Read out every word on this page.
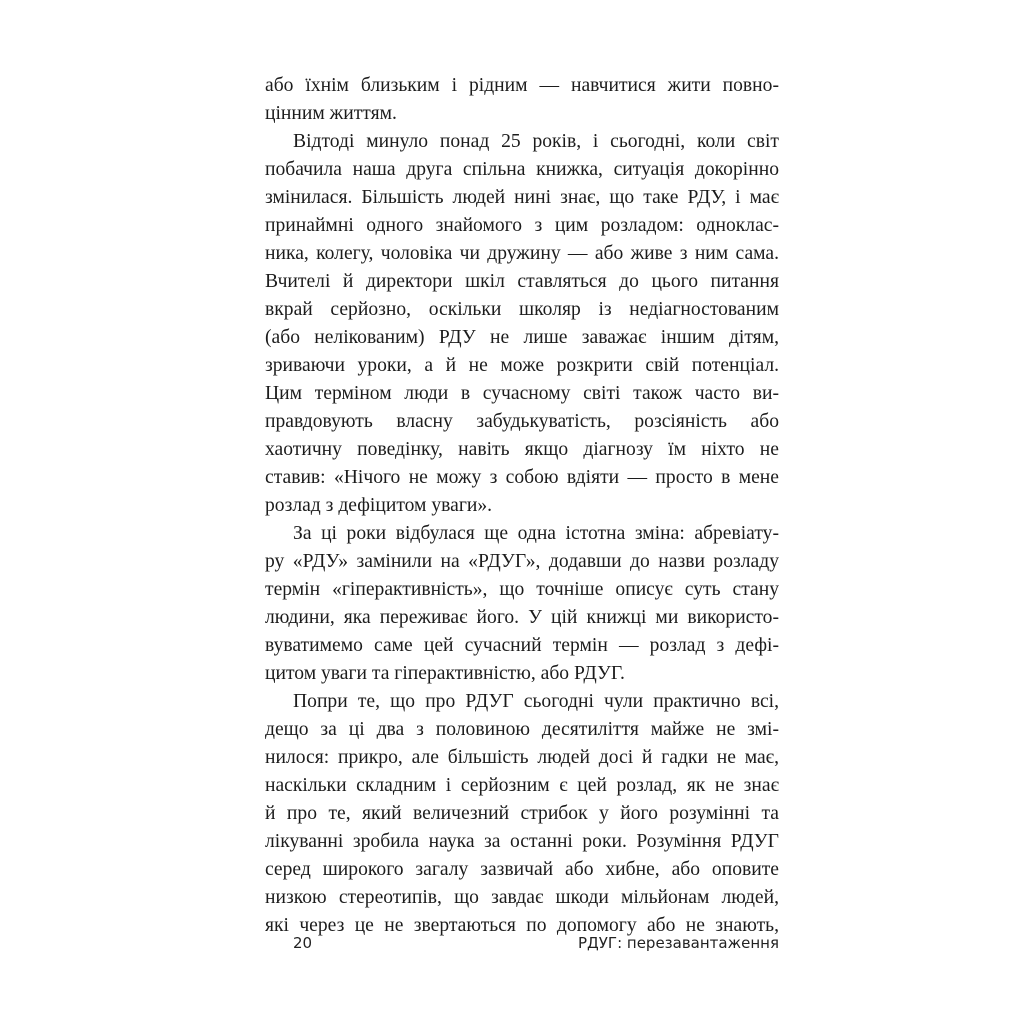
або їхнім близьким і рідним — навчитися жити повно-
цінним життям.
Відтоді минуло понад 25 років, і сьогодні, коли світ
побачила наша друга спільна книжка, ситуація докорінно
змінилася. Більшість людей нині знає, що таке РДУ, і має
принаймні одного знайомого з цим розладом: однoклас-
ника, колегу, чоловіка чи дружину — або живе з ним сама.
Вчителі й директори шкіл ставляться до цього питання
вкрай серйозно, оскільки школяр із недіагностованим
(або нелікованим) РДУ не лише заважає іншим дітям,
зриваючи уроки, а й не може розкрити свій потенціал.
Цим терміном люди в сучасному світі також часто ви-
правдовують власну забудькуватість, розсіяність або
хаотичну поведінку, навіть якщо діагнозу їм ніхто не
ставив: «Нічого не можу з собою вдіяти — просто в мене
розлад з дефіцитом уваги».
За ці роки відбулася ще одна істотна зміна: абревіату-
ру «РДУ» замінили на «РДУГ», додавши до назви розладу
термін «гіперактивність», що точніше описує суть стану
людини, яка переживає його. У цій книжці ми використо-
вуватимемо саме цей сучасний термін — розлад з дефі-
цитом уваги та гіперактивністю, або РДУГ.
Попри те, що про РДУГ сьогодні чули практично всі,
дещо за ці два з половиною десятиліття майже не змі-
нилося: прикро, але більшість людей досі й гадки не має,
наскільки складним і серйозним є цей розлад, як не знає
й про те, який величезний стрибок у його розумінні та
лікуванні зробила наука за останні роки. Розуміння РДУГ
серед широкого загалу зазвичай або хибне, або оповите
низкою стереотипів, що завдає шкоди мільйонам людей,
які через це не звертаються по допомогу або не знають,
20	РДУГ: перезавантаження
